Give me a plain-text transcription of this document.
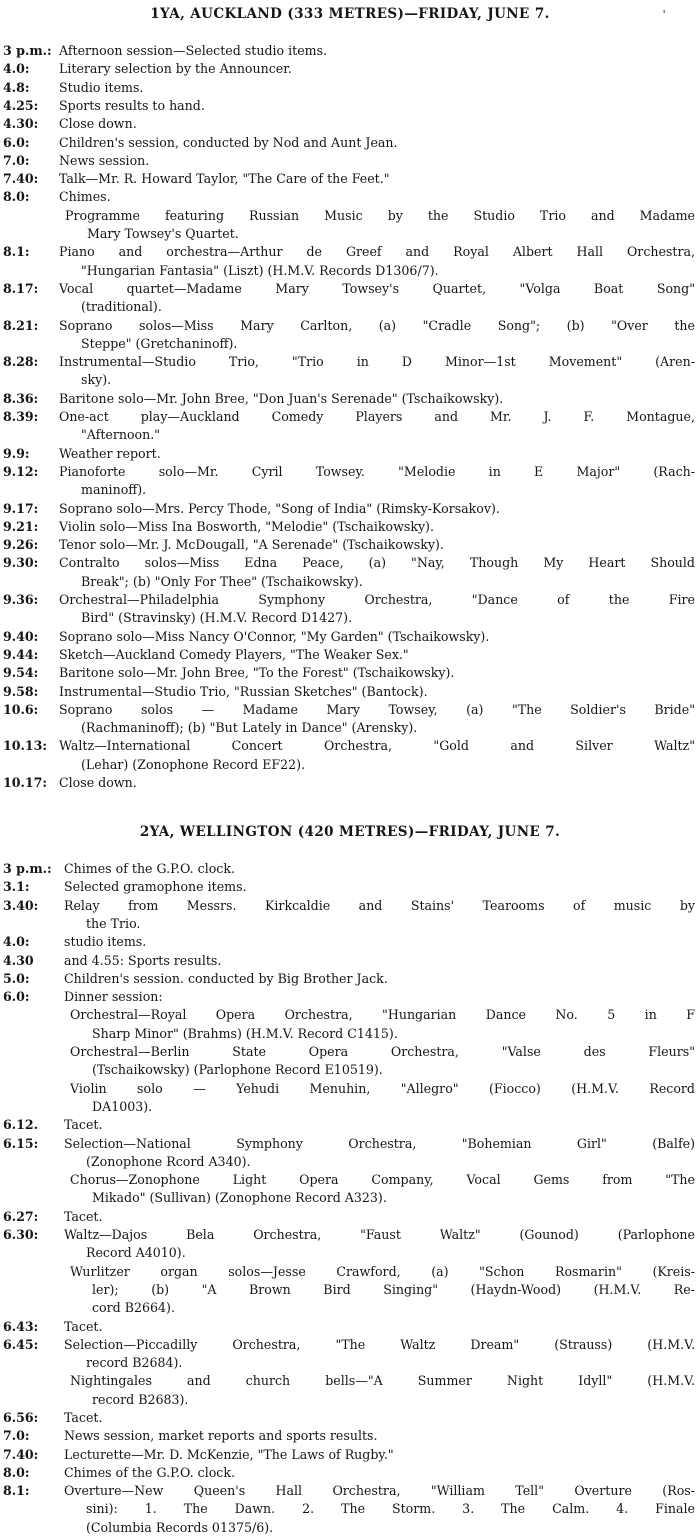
1YA, AUCKLAND (333 METRES)—FRIDAY, JUNE 7.	'
3 p.m.: Afternoon session—Selected studio items.
4.0: Literary selection by the Announcer.
4.8: Studio items.
4.25: Sports results to hand.
4.30: Close down.
6.0: Children's session, conducted by Nod and Aunt Jean.
7.0: News session.
7.40: Talk—Mr. R. Howard Taylor, "The Care of the Feet."
8.0: Chimes.
Programme featuring Russian Music by the Studio Trio and Madame
Mary Towsey's Quartet.
8.1: Piano and orchestra—Arthur de Greef and Royal Albert Hall Orchestra,
"Hungarian Fantasia" (Liszt) (H.M.V. Records D1306/7).
8.17: Vocal quartet—Madame Mary Towsey's Quartet, "Volga Boat Song"
(traditional).
8.21: Soprano solos—Miss Mary Carlton, (a) "Cradle Song"; (b) "Over the
Steppe" (Gretchaninoff).
8.28: Instrumental—Studio Trio, "Trio in D Minor—1st Movement" (Aren-
sky).
8.36: Baritone solo—Mr. John Bree, "Don Juan's Serenade" (Tschaikowsky).
8.39: One-act play—Auckland Comedy Players and Mr. J. F. Montague,
"Afternoon."
9.9: Weather report.
9.12: Pianoforte solo—Mr. Cyril Towsey. "Melodie in E Major" (Rach-
maninoff).
9.17: Soprano solo—Mrs. Percy Thode, "Song of India" (Rimsky-Korsakov).
9.21: Violin solo—Miss Ina Bosworth, "Melodie" (Tschaikowsky).
9.26: Tenor solo—Mr. J. McDougall, "A Serenade" (Tschaikowsky).
9.30: Contralto solos—Miss Edna Peace, (a) "Nay, Though My Heart Should
Break"; (b) "Only For Thee" (Tschaikowsky).
9.36: Orchestral—Philadelphia Symphony Orchestra, "Dance of the Fire
Bird" (Stravinsky) (H.M.V. Record D1427).
9.40: Soprano solo—Miss Nancy O'Connor, "My Garden" (Tschaikowsky).
9.44: Sketch—Auckland Comedy Players, "The Weaker Sex."
9.54: Baritone solo—Mr. John Bree, "To the Forest" (Tschaikowsky).
9.58: Instrumental—Studio Trio, "Russian Sketches" (Bantock).
10.6: Soprano solos — Madame Mary Towsey, (a) "The Soldier's Bride"
(Rachmaninoff); (b) "But Lately in Dance" (Arensky).
10.13: Waltz—International Concert Orchestra, "Gold and Silver Waltz"
(Lehar) (Zonophone Record EF22).
10.17: Close down.
2YA, WELLINGTON (420 METRES)—FRIDAY, JUNE 7.
3 p.m.: Chimes of the G.P.O. clock.
3.1:	Selected gramophone items.
3.40: Relay from Messrs. Kirkcaldie and Stains' Tearooms of music by
the Trio.
4.0:	studio items.
4.30 and 4.55: Sports results.
5.0:	Children's session. conducted by Big Brother Jack.
6.0:	Dinner session:
Orchestral—Royal Opera Orchestra, "Hungarian Dance No. 5 in F
Sharp Minor" (Brahms) (H.M.V. Record C1415).
Orchestral—Berlin State Opera Orchestra, "Valse des Fleurs"
(Tschaikowsky) (Parlophone Record E10519).
Violin solo — Yehudi Menuhin, "Allegro" (Fiocco) (H.M.V. Record
DA1003).
6.12. Tacet.
6.15: Selection—National Symphony Orchestra, "Bohemian Girl" (Balfe)
(Zonophone Rcord A340).
Chorus—Zonophone Light Opera Company, Vocal Gems from "The
Mikado" (Sullivan) (Zonophone Record A323).
6.27: Tacet.
6.30: Waltz—Dajos Bela Orchestra, "Faust Waltz" (Gounod) (Parlophone
Record A4010).
Wurlitzer organ solos—Jesse Crawford, (a) "Schon Rosmarin" (Kreis-
ler); (b) "A Brown Bird Singing" (Haydn-Wood) (H.M.V. Re-
cord B2664).
6.43: Tacet.
6.45: Selection—Piccadilly Orchestra, "The Waltz Dream" (Strauss) (H.M.V.
record B2684).
Nightingales and church bells—"A Summer Night Idyll" (H.M.V.
record B2683).
6.56: Tacet.
7.0:	News session, market reports and sports results.
7.40: Lecturette—Mr. D. McKenzie, "The Laws of Rugby."
8.0:	Chimes of the G.P.O. clock.
8.1:	Overture—New Queen's Hall Orchestra, "William Tell" Overture (Ros-
sini): 1. The Dawn. 2. The Storm. 3. The Calm. 4. Finale
(Columbia Records 01375/6).
